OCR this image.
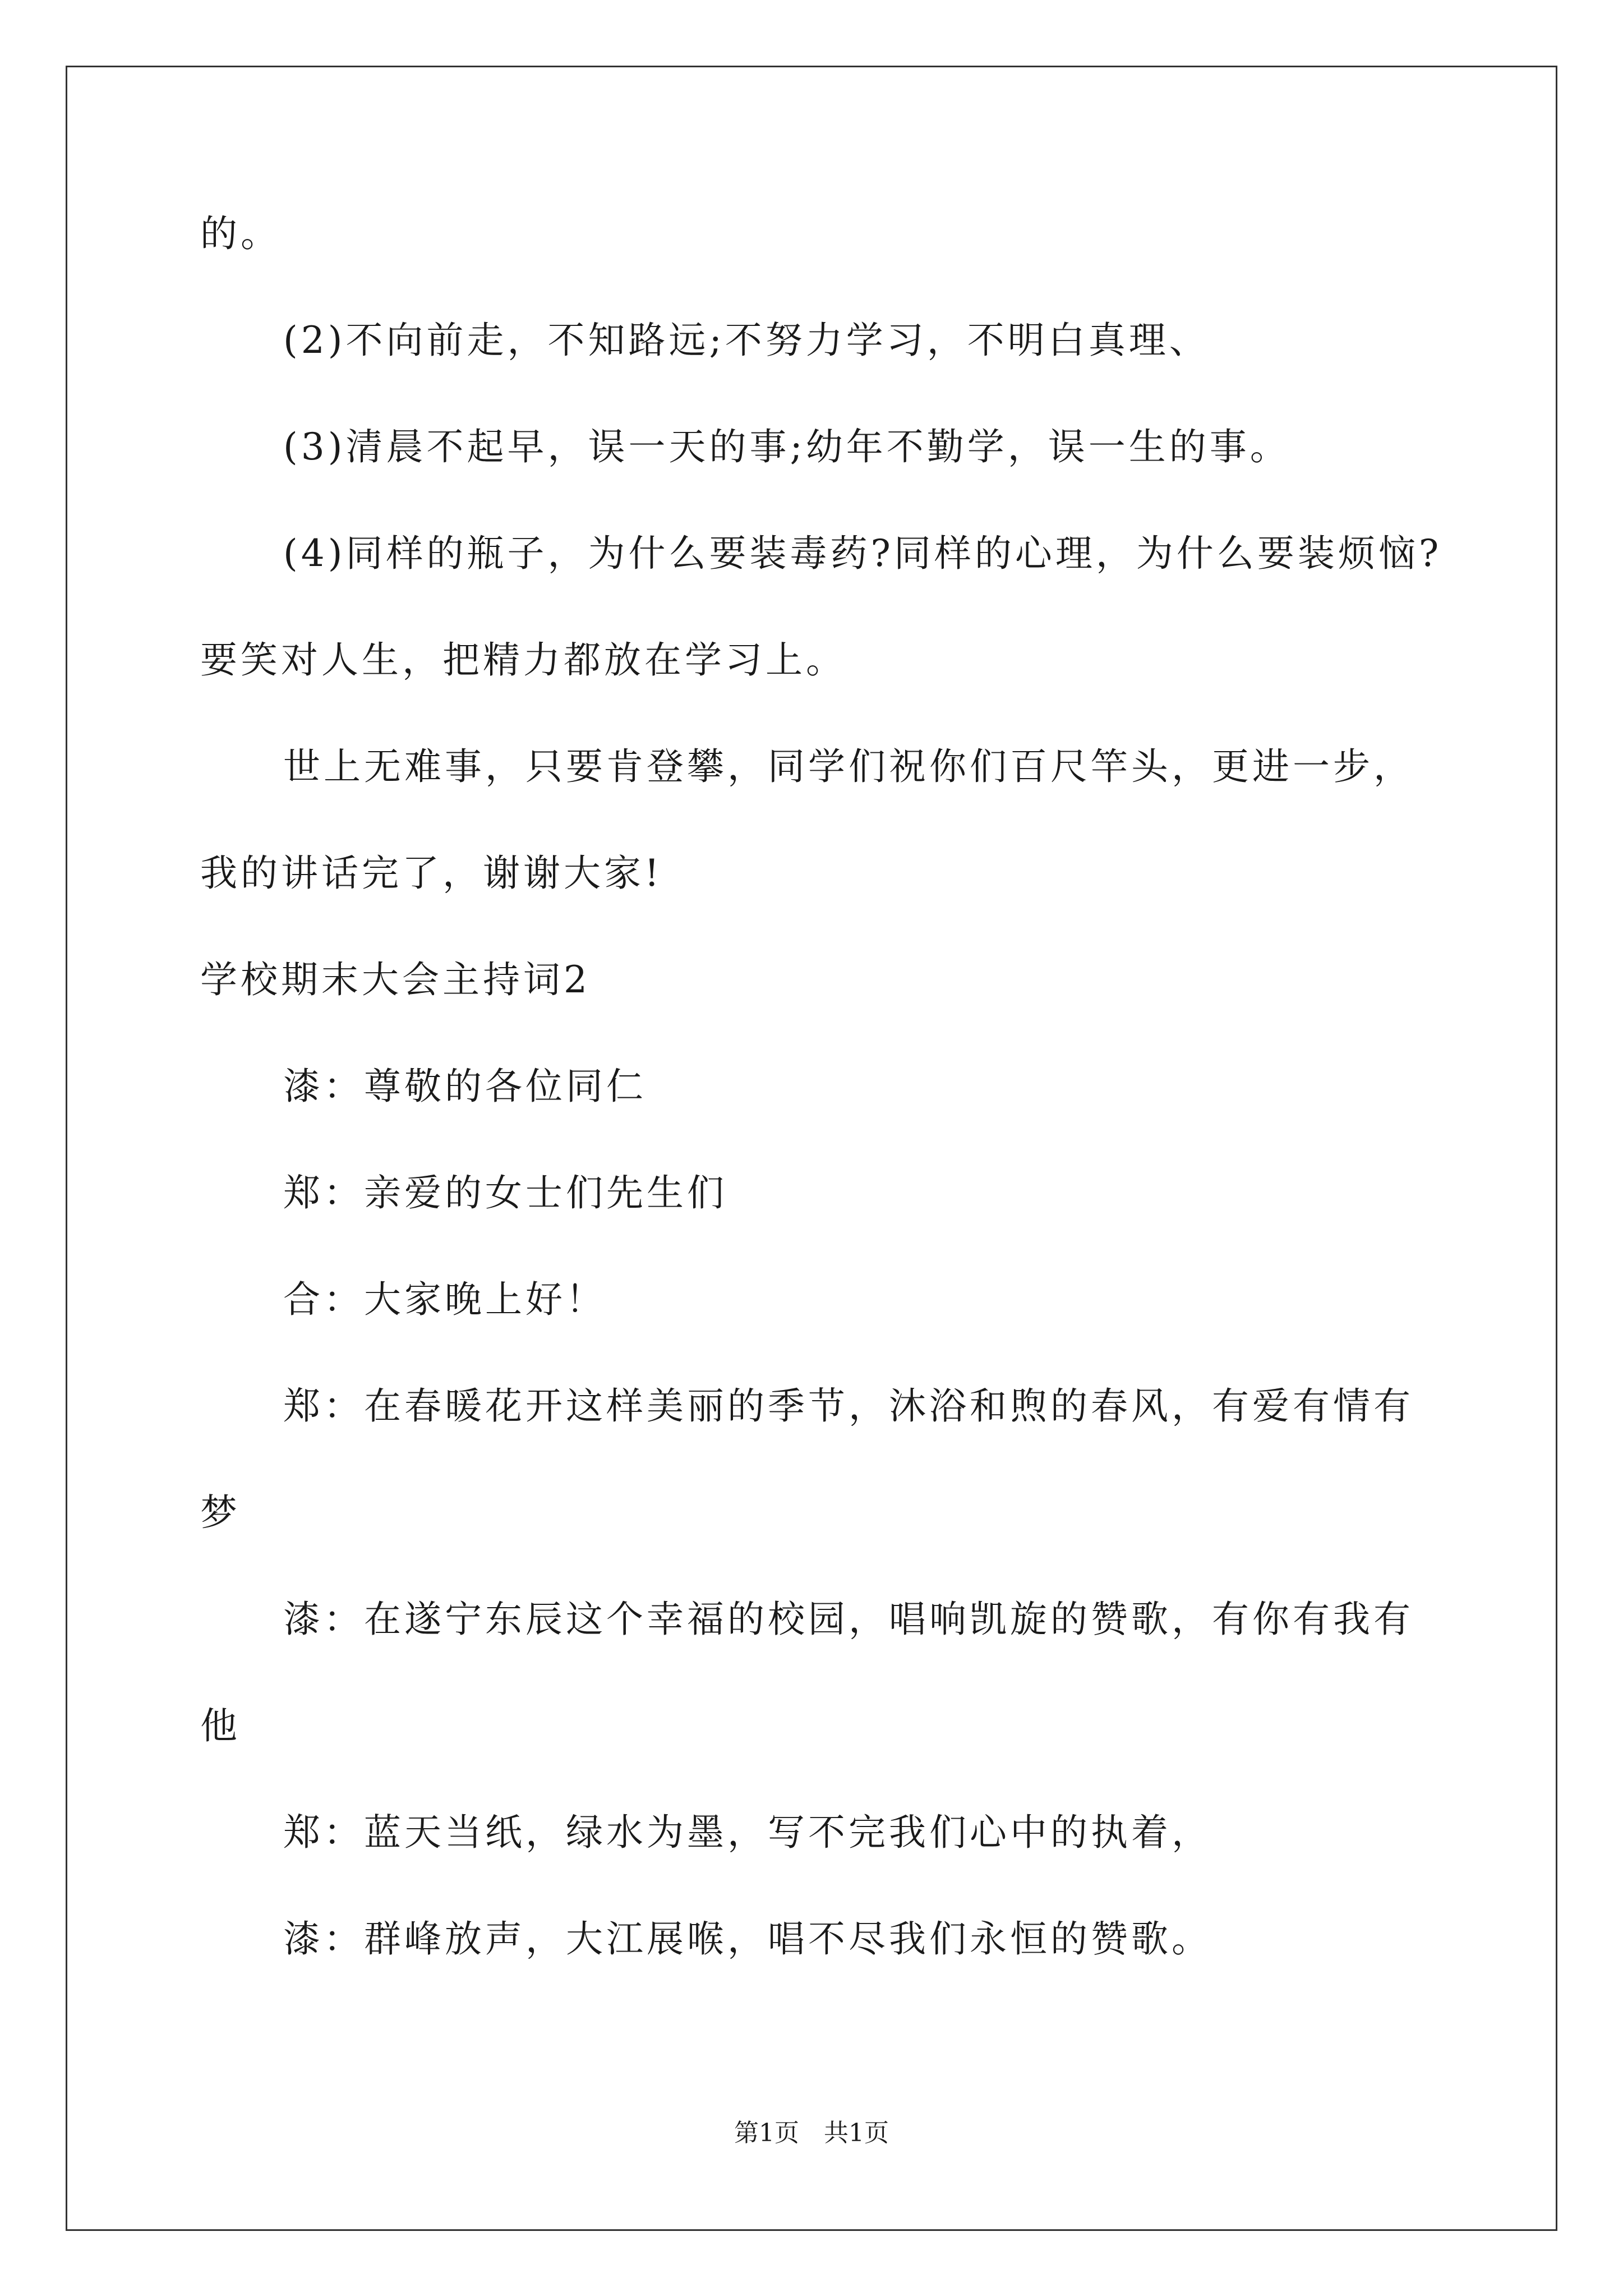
的。
(2)不向前走，不知路远;不努力学习，不明白真理、
(3)清晨不起早，误一天的事;幼年不勤学，误一生的事。
(4)同样的瓶子，为什么要装毒药?同样的心理，为什么要装烦恼?
要笑对人生，把精力都放在学习上。
世上无难事，只要肯登攀，同学们祝你们百尺竿头，更进一步，
我的讲话完了，谢谢大家!
学校期末大会主持词2
漆：尊敬的各位同仁
郑：亲爱的女士们先生们
合：大家晚上好！
郑：在春暖花开这样美丽的季节，沐浴和煦的春风，有爱有情有
梦
漆：在遂宁东辰这个幸福的校园，唱响凯旋的赞歌，有你有我有
他
郑：蓝天当纸，绿水为墨，写不完我们心中的执着，
漆：群峰放声，大江展喉，唱不尽我们永恒的赞歌。
第1页　共1页
